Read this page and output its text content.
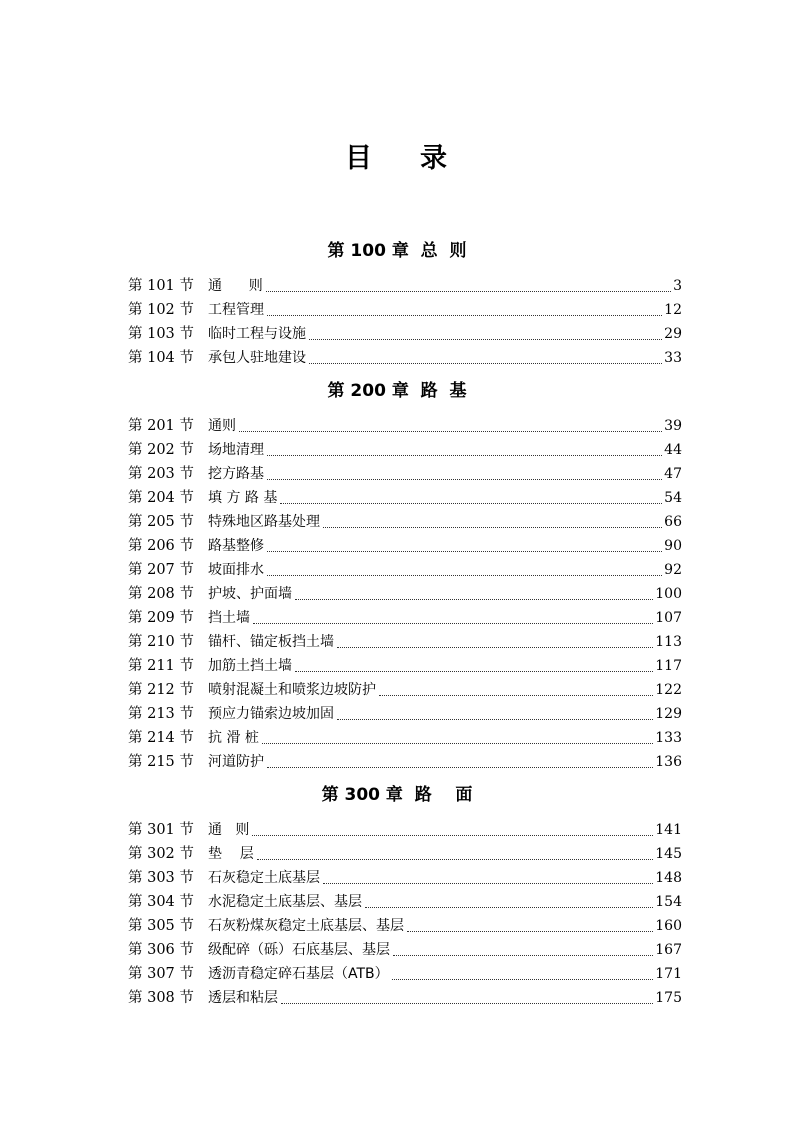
目 录
第 100 章  总  则
第 101 节	通      则	3
第 102 节	工程管理	12
第 103 节	临时工程与设施	29
第 104 节	承包人驻地建设	33
第 200 章  路  基
第 201 节	通则	39
第 202 节	场地清理	44
第 203 节	挖方路基	47
第 204 节	填 方 路 基	54
第 205 节	特殊地区路基处理	66
第 206 节	路基整修	90
第 207 节	坡面排水	92
第 208 节	护坡、护面墙	100
第 209 节	挡土墙	107
第 210 节	锚杆、锚定板挡土墙	113
第 211 节	加筋土挡土墙	117
第 212 节	喷射混凝土和喷浆边坡防护	122
第 213 节	预应力锚索边坡加固	129
第 214 节	抗 滑 桩	133
第 215 节	河道防护	136
第 300 章  路    面
第 301 节	通   则	141
第 302 节	垫    层	145
第 303 节	石灰稳定土底基层	148
第 304 节	水泥稳定土底基层、基层	154
第 305 节	石灰粉煤灰稳定土底基层、基层	160
第 306 节	级配碎（砾）石底基层、基层	167
第 307 节	透沥青稳定碎石基层（ATB）	171
第 308 节	透层和粘层	175
